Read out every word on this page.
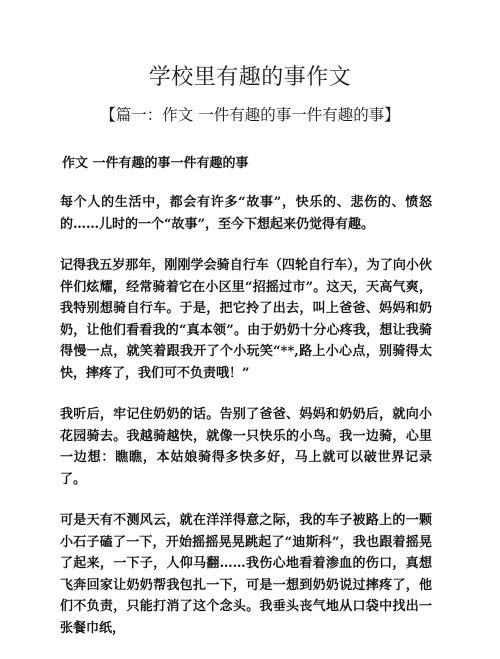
学校里有趣的事作文
【篇一：作文 一件有趣的事一件有趣的事】
作文 一件有趣的事一件有趣的事

每个人的生活中，都会有许多“故事”，快乐的、悲伤的、愤怒的……儿时的一个“故事”，至今下想起来仍觉得有趣。

记得我五岁那年，刚刚学会骑自行车（四轮自行车），为了向小伙伴们炫耀，经常骑着它在小区里“招摇过市”。这天，天高气爽，我特别想骑自行车。于是，把它拎了出去，叫上爸爸、妈妈和奶奶，让他们看看我的“真本领”。由于奶奶十分心疼我，想让我骑得慢一点，就笑着跟我开了个小玩笑“**,路上小心点，别骑得太快，摔疼了，我们可不负责哦！”

我听后，牢记住奶奶的话。告别了爸爸、妈妈和奶奶后，就向小花园骑去。我越骑越快，就像一只快乐的小鸟。我一边骑，心里一边想：瞧瞧，本姑娘骑得多快多好，马上就可以破世界记录了。

可是天有不测风云，就在洋洋得意之际，我的车子被路上的一颗小石子磕了一下，开始摇摇晃晃跳起了“迪斯科”，我也跟着摇晃了起来，一下子，人仰马翻……我伤心地看着渗血的伤口，真想飞奔回家让奶奶帮我包扎一下，可是一想到奶奶说过摔疼了，他们不负责，只能打消了这个念头。我垂头丧气地从口袋中找出一张餐巾纸，
